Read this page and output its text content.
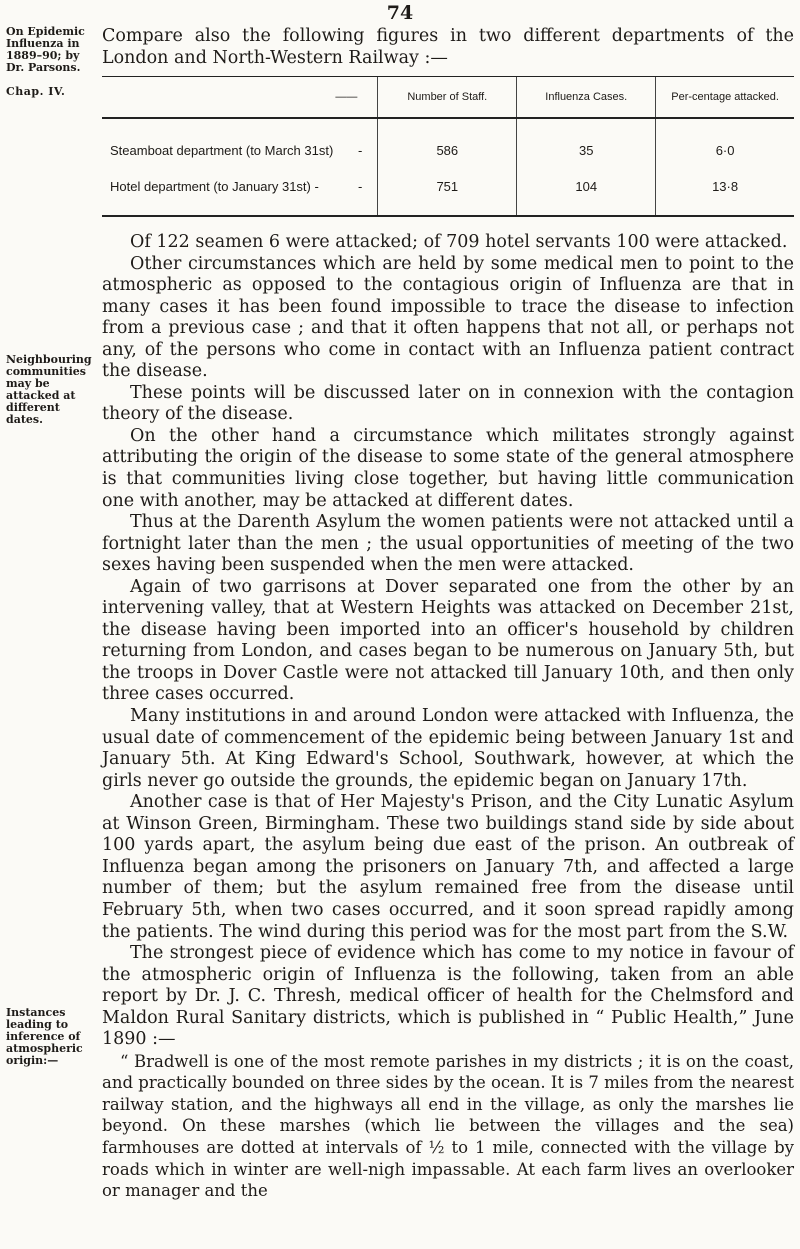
74
On Epidemic Influenza in 1889–90; by Dr. Parsons.
Chap. IV.
Neighbouring communities may be attacked at different dates.
Instances leading to inference of atmospheric origin:—
Compare also the following figures in two different departments of the London and North-Western Railway :—
——	Number of Staff.	Influenza Cases.	Per-centage attacked.
Steamboat department (to March 31st) -	586	35	6·0
Hotel department (to January 31st) - -	751	104	13·8

Of 122 seamen 6 were attacked; of 709 hotel servants 100 were attacked.

Other circumstances which are held by some medical men to point to the atmospheric as opposed to the contagious origin of Influenza are that in many cases it has been found impossible to trace the disease to infection from a previous case ; and that it often happens that not all, or perhaps not any, of the persons who come in contact with an Influenza patient contract the disease.

These points will be discussed later on in connexion with the contagion theory of the disease.

On the other hand a circumstance which militates strongly against attributing the origin of the disease to some state of the general atmosphere is that communities living close together, but having little communication one with another, may be attacked at different dates.

Thus at the Darenth Asylum the women patients were not attacked until a fortnight later than the men ; the usual opportunities of meeting of the two sexes having been suspended when the men were attacked.

Again of two garrisons at Dover separated one from the other by an intervening valley, that at Western Heights was attacked on December 21st, the disease having been imported into an officer's household by children returning from London, and cases began to be numerous on January 5th, but the troops in Dover Castle were not attacked till January 10th, and then only three cases occurred.

Many institutions in and around London were attacked with Influenza, the usual date of commencement of the epidemic being between January 1st and January 5th. At King Edward's School, Southwark, however, at which the girls never go outside the grounds, the epidemic began on January 17th.

Another case is that of Her Majesty's Prison, and the City Lunatic Asylum at Winson Green, Birmingham. These two buildings stand side by side about 100 yards apart, the asylum being due east of the prison. An outbreak of Influenza began among the prisoners on January 7th, and affected a large number of them; but the asylum remained free from the disease until February 5th, when two cases occurred, and it soon spread rapidly among the patients. The wind during this period was for the most part from the S.W.

The strongest piece of evidence which has come to my notice in favour of the atmospheric origin of Influenza is the following, taken from an able report by Dr. J. C. Thresh, medical officer of health for the Chelmsford and Maldon Rural Sanitary districts, which is published in “ Public Health,” June 1890 :—

“ Bradwell is one of the most remote parishes in my districts ; it is on the coast, and practically bounded on three sides by the ocean. It is 7 miles from the nearest railway station, and the highways all end in the village, as only the marshes lie beyond. On these marshes (which lie between the villages and the sea) farmhouses are dotted at intervals of ½ to 1 mile, connected with the village by roads which in winter are well-nigh impassable. At each farm lives an overlooker or manager and the
